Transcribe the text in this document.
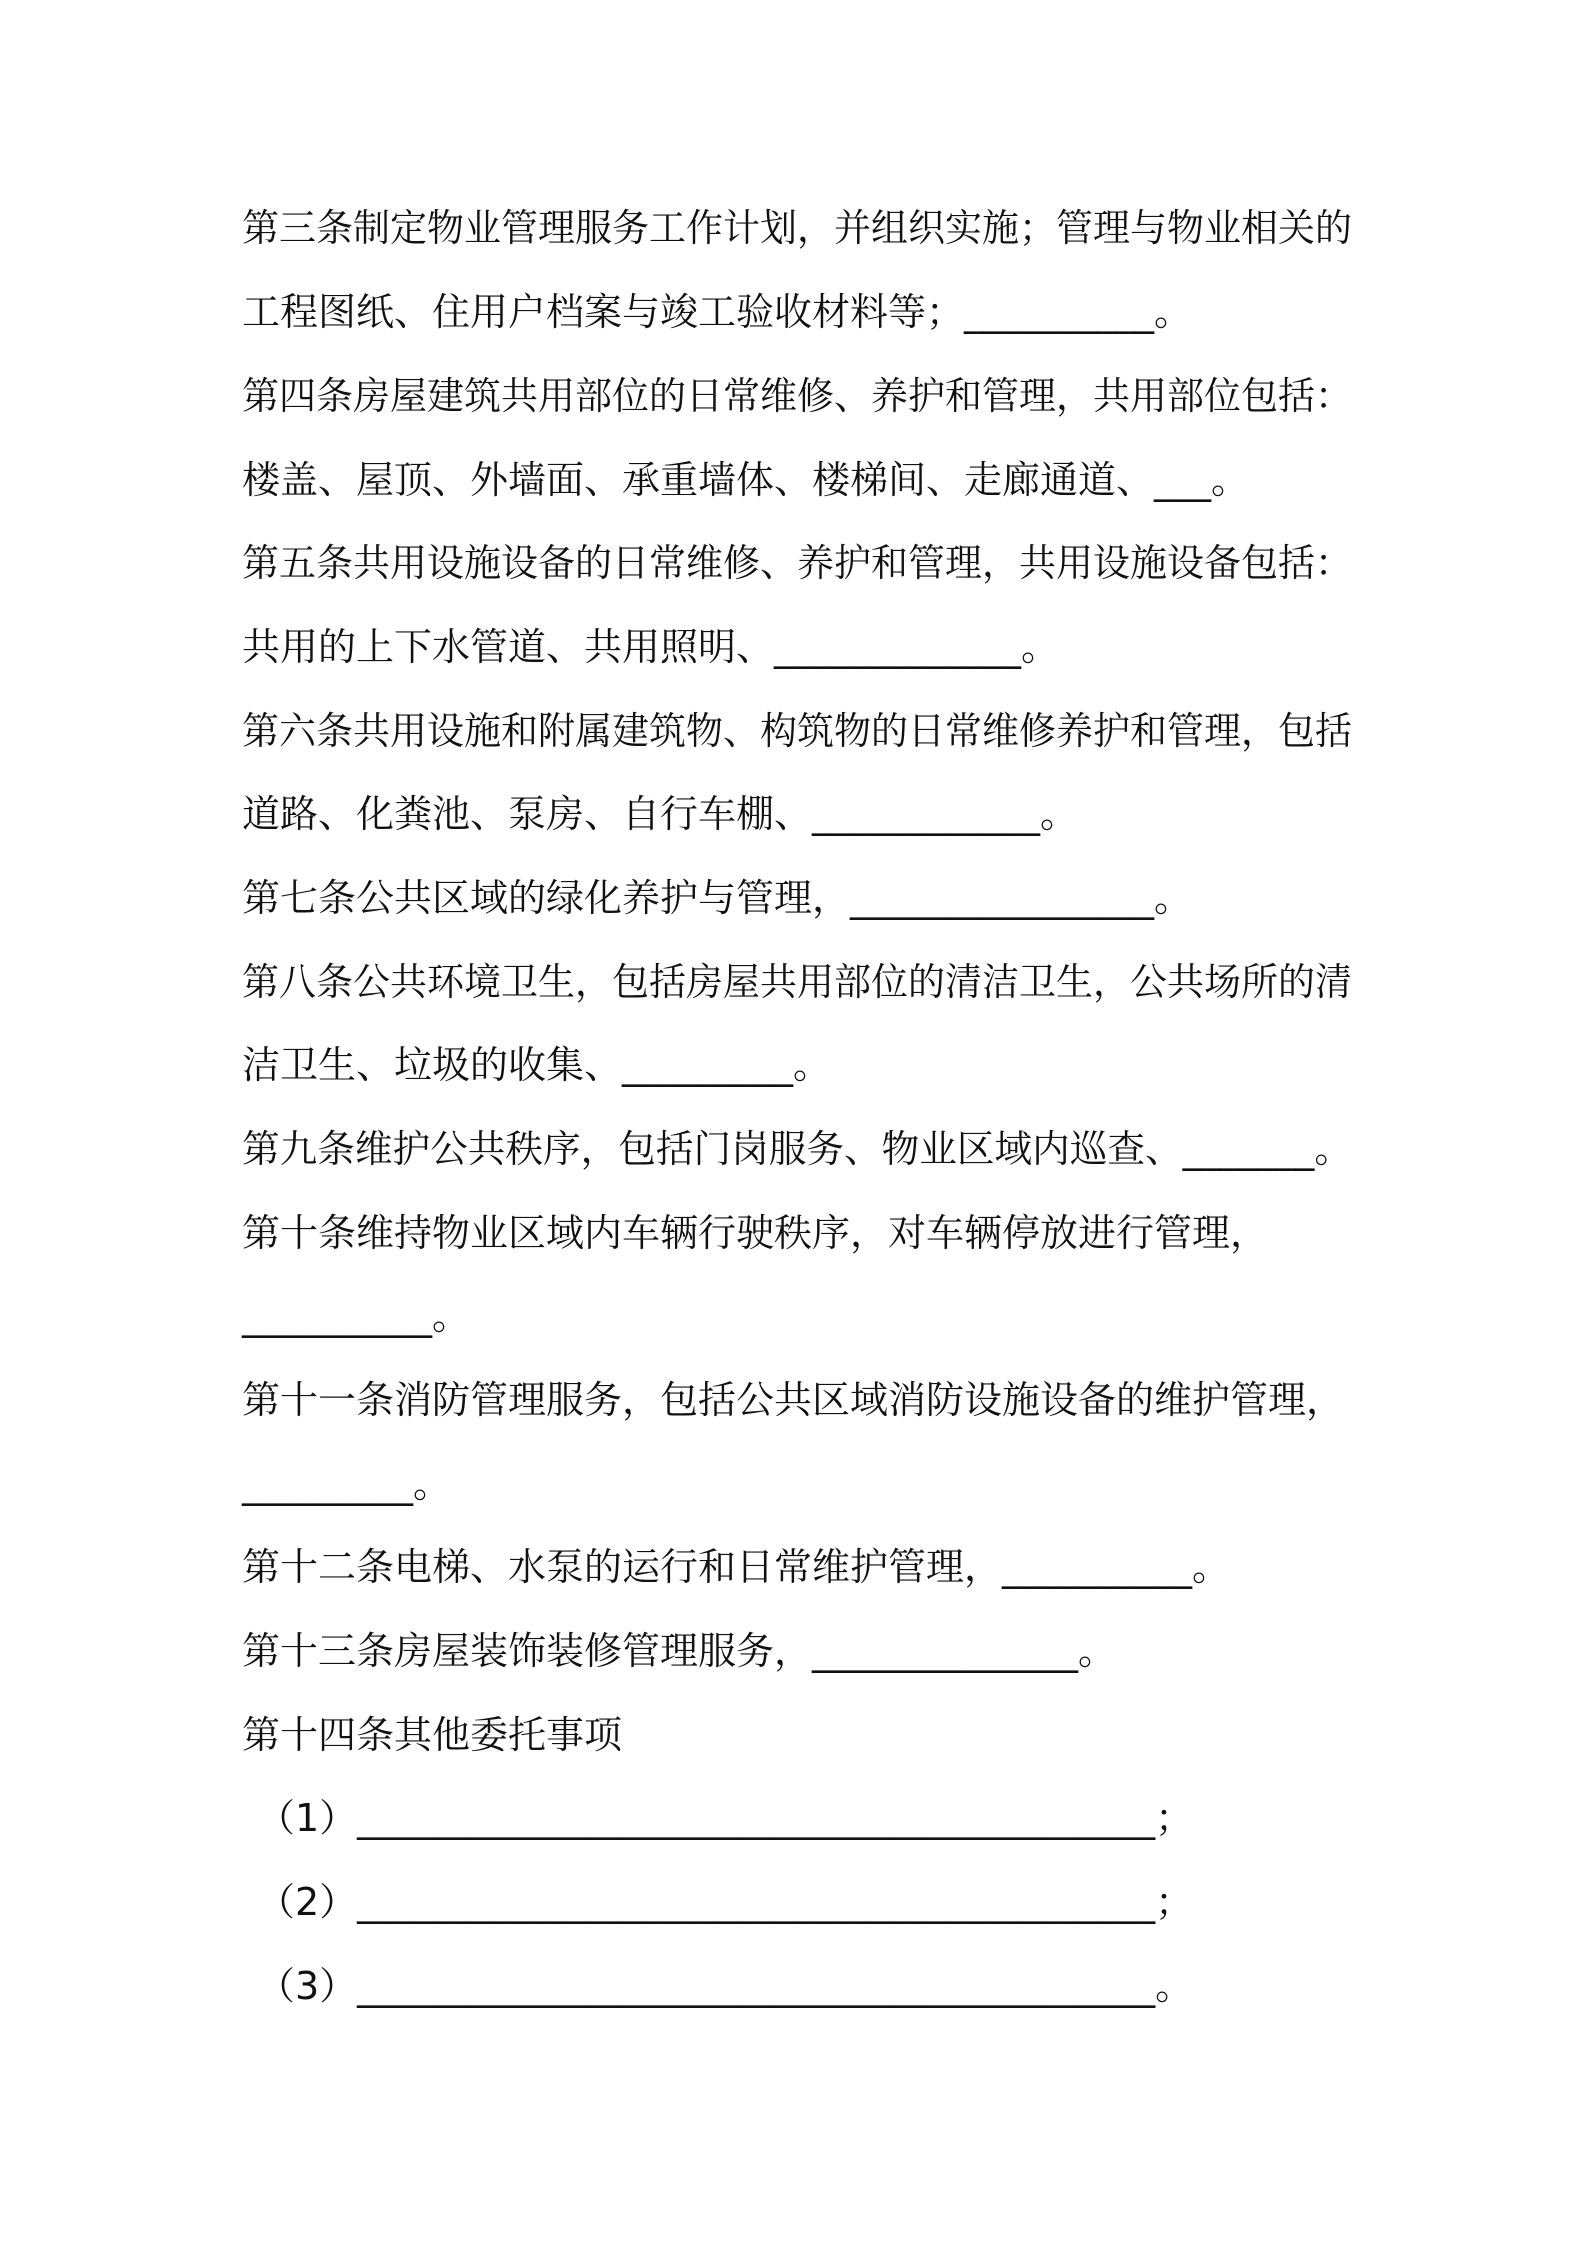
第三条制定物业管理服务工作计划，并组织实施；管理与物业相关的
工程图纸、住用户档案与竣工验收材料等；__________。
第四条房屋建筑共用部位的日常维修、养护和管理，共用部位包括：
楼盖、屋顶、外墙面、承重墙体、楼梯间、走廊通道、___。
第五条共用设施设备的日常维修、养护和管理，共用设施设备包括：
共用的上下水管道、共用照明、_____________。
第六条共用设施和附属建筑物、构筑物的日常维修养护和管理，包括
道路、化粪池、泵房、自行车棚、____________。
第七条公共区域的绿化养护与管理，________________。
第八条公共环境卫生，包括房屋共用部位的清洁卫生，公共场所的清
洁卫生、垃圾的收集、_________。
第九条维护公共秩序，包括门岗服务、物业区域内巡查、_______。
第十条维持物业区域内车辆行驶秩序，对车辆停放进行管理，
__________。
第十一条消防管理服务，包括公共区域消防设施设备的维护管理，
_________。
第十二条电梯、水泵的运行和日常维护管理，__________。
第十三条房屋装饰装修管理服务，______________。
第十四条其他委托事项
（1）__________________________________________；
（2）__________________________________________；
（3）__________________________________________。
